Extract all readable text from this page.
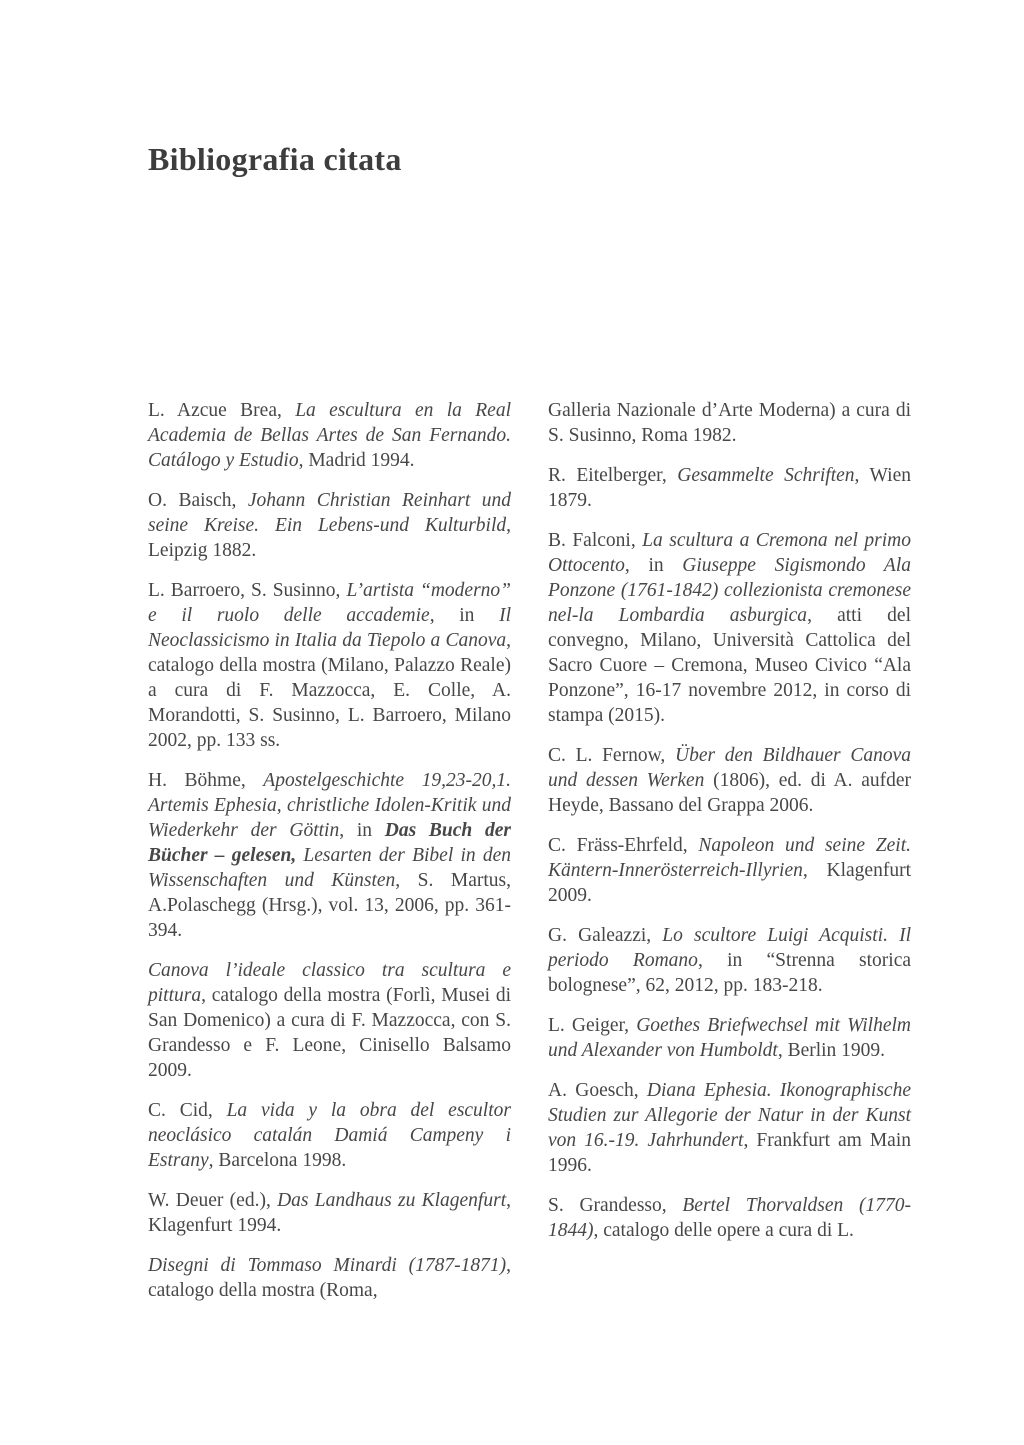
Bibliografia citata

L. Azcue Brea, La escultura en la Real Academia de Bellas Artes de San Fernando. Catálogo y Estudio, Madrid 1994.

O. Baisch, Johann Christian Reinhart und seine Kreise. Ein Lebens-und Kulturbild, Leipzig 1882.

L. Barroero, S. Susinno, L’artista “moderno” e il ruolo delle accademie, in Il Neoclassicismo in Italia da Tiepolo a Canova, catalogo della mostra (Milano, Palazzo Reale) a cura di F. Mazzocca, E. Colle, A. Morandotti, S. Susinno, L. Barroero, Milano 2002, pp. 133 ss.

H. Böhme, Apostelgeschichte 19,23-20,1. Artemis Ephesia, christliche Idolen-Kritik und Wiederkehr der Göttin, in Das Buch der Bücher – gelesen, Lesarten der Bibel in den Wissenschaften und Künsten, S. Martus, A.Polaschegg (Hrsg.), vol. 13, 2006, pp. 361-394.

Canova l’ideale classico tra scultura e pittura, catalogo della mostra (Forlì, Musei di San Domenico) a cura di F. Mazzocca, con S. Grandesso e F. Leone, Cinisello Balsamo 2009.

C. Cid, La vida y la obra del escultor neoclásico catalán Damiá Campeny i Estrany, Barcelona 1998.

W. Deuer (ed.), Das Landhaus zu Klagenfurt, Klagenfurt 1994.

Disegni di Tommaso Minardi (1787-1871), catalogo della mostra (Roma,

Galleria Nazionale d’Arte Moderna) a cura di S. Susinno, Roma 1982.

R. Eitelberger, Gesammelte Schriften, Wien 1879.

B. Falconi, La scultura a Cremona nel primo Ottocento, in Giuseppe Sigismondo Ala Ponzone (1761-1842) collezionista cremonese nel-la Lombardia asburgica, atti del convegno, Milano, Università Cattolica del Sacro Cuore – Cremona, Museo Civico “Ala Ponzone”, 16-17 novembre 2012, in corso di stampa (2015).

C. L. Fernow, Über den Bildhauer Canova und dessen Werken (1806), ed. di A. aufder Heyde, Bassano del Grappa 2006.

C. Fräss-Ehrfeld, Napoleon und seine Zeit. Käntern-Innerösterreich-Illyrien, Klagenfurt 2009.

G. Galeazzi, Lo scultore Luigi Acquisti. Il periodo Romano, in “Strenna storica bolognese”, 62, 2012, pp. 183-218.

L. Geiger, Goethes Briefwechsel mit Wilhelm und Alexander von Humboldt, Berlin 1909.

A. Goesch, Diana Ephesia. Ikonographische Studien zur Allegorie der Natur in der Kunst von 16.-19. Jahrhundert, Frankfurt am Main 1996.

S. Grandesso, Bertel Thorvaldsen (1770-1844), catalogo delle opere a cura di L.
